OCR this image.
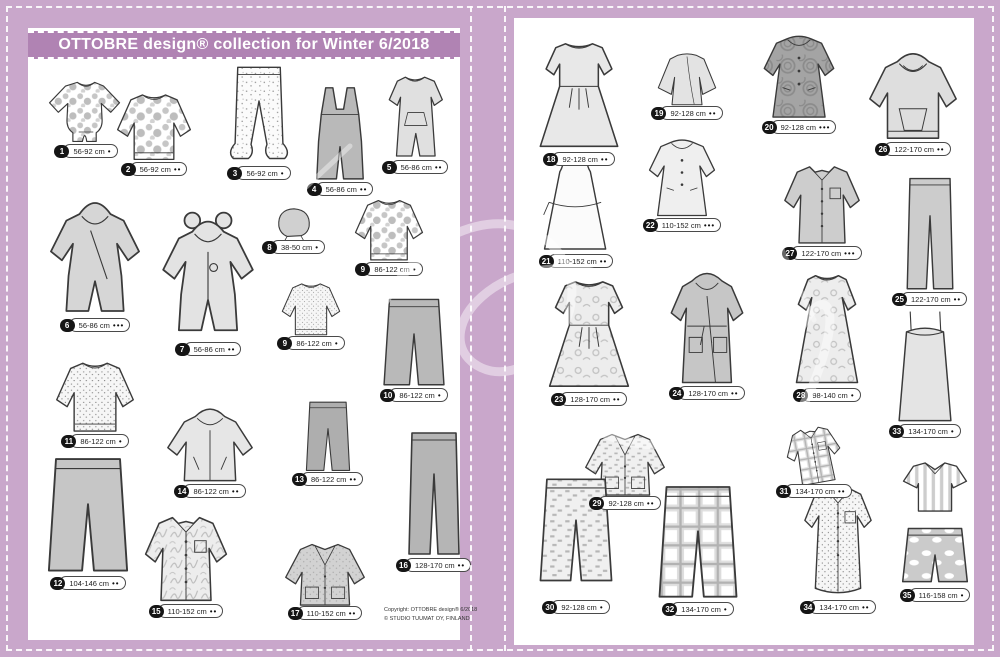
OTTOBRE design® collection for Winter 6/2018
1	56-92 cm •
2	56-92 cm ••	3	56-92 cm •
4	56-86 cm ••
5	56-86 cm ••
6	56-86 cm •••
7	56-86 cm ••
8	38-50 cm •
9	86-122 cm •
9	86-122 cm •
10 86-122 cm •
11 86-122 cm •
12 104-146 cm ••
13 86-122 cm ••
14 86-122 cm ••
15 110-152 cm ••
16 128-170 cm ••
17 110-152 cm ••	Copyright: OTTOBRE design® 6/2018
© STUDIO TUUMAT OY, FINLAND
18 92-128 cm ••
19 92-128 cm ••
20 92-128 cm •••
26 122-170 cm ••
21 110-152 cm ••
22 110-152 cm •••
27 122-170 cm •••
25 122-170 cm ••
23 128-170 cm ••
24 128-170 cm ••	28 98-140 cm •
33 134-170 cm •
29 92-128 cm ••
30 92-128 cm •
31 134-170 cm ••
32 134-170 cm •	34 134-170 cm ••
35 116-158 cm •
